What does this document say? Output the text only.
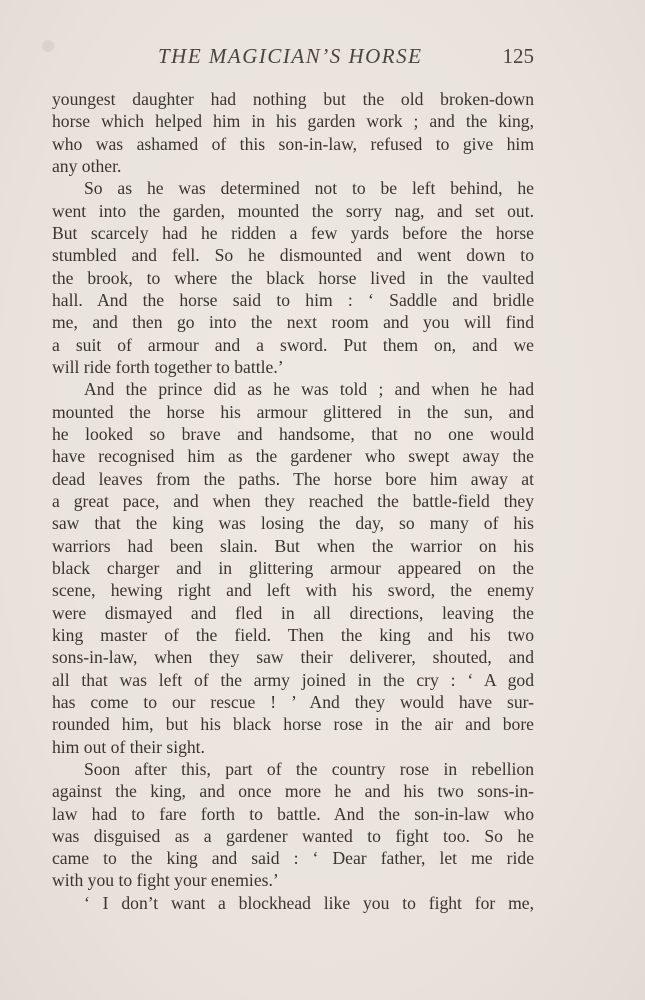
THE MAGICIAN’S HORSE	125
youngest daughter had nothing but the old broken-down
horse which helped him in his garden work ; and the king,
who was ashamed of this son-in-law, refused to give him
any other.
So as he was determined not to be left behind, he
went into the garden, mounted the sorry nag, and set out.
But scarcely had he ridden a few yards before the horse
stumbled and fell. So he dismounted and went down to
the brook, to where the black horse lived in the vaulted
hall. And the horse said to him : ‘ Saddle and bridle
me, and then go into the next room and you will find
a suit of armour and a sword. Put them on, and we
will ride forth together to battle.’
And the prince did as he was told ; and when he had
mounted the horse his armour glittered in the sun, and
he looked so brave and handsome, that no one would
have recognised him as the gardener who swept away the
dead leaves from the paths. The horse bore him away at
a great pace, and when they reached the battle-field they
saw that the king was losing the day, so many of his
warriors had been slain. But when the warrior on his
black charger and in glittering armour appeared on the
scene, hewing right and left with his sword, the enemy
were dismayed and fled in all directions, leaving the
king master of the field. Then the king and his two
sons-in-law, when they saw their deliverer, shouted, and
all that was left of the army joined in the cry : ‘ A god
has come to our rescue ! ’ And they would have sur-
rounded him, but his black horse rose in the air and bore
him out of their sight.
Soon after this, part of the country rose in rebellion
against the king, and once more he and his two sons-in-
law had to fare forth to battle. And the son-in-law who
was disguised as a gardener wanted to fight too. So he
came to the king and said : ‘ Dear father, let me ride
with you to fight your enemies.’
‘ I don’t want a blockhead like you to fight for me,
